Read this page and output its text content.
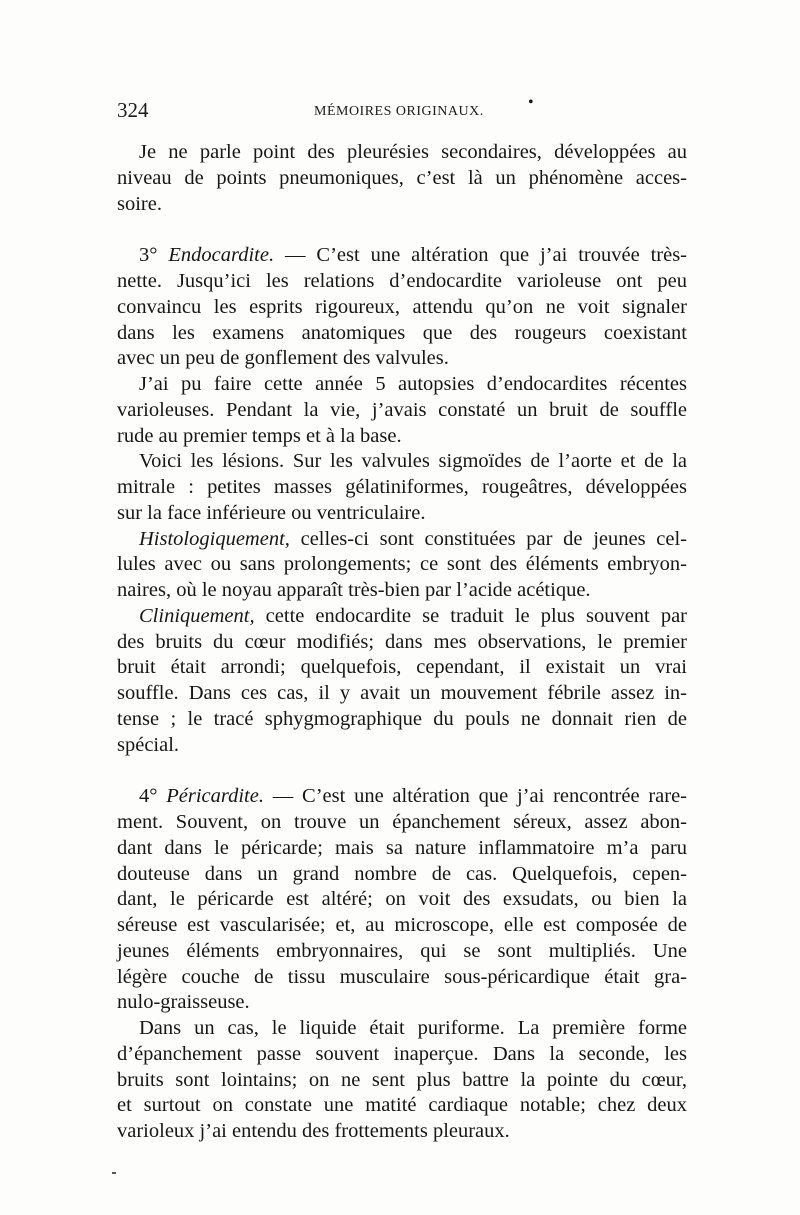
324	MÉMOIRES ORIGINAUX.
•
Je ne parle point des pleurésies secondaires, développées au
niveau de points pneumoniques, c’est là un phénomène acces-
soire.
3° Endocardite. — C’est une altération que j’ai trouvée très-
nette. Jusqu’ici les relations d’endocardite varioleuse ont peu
convaincu les esprits rigoureux, attendu qu’on ne voit signaler
dans les examens anatomiques que des rougeurs coexistant
avec un peu de gonflement des valvules.
J’ai pu faire cette année 5 autopsies d’endocardites récentes
varioleuses. Pendant la vie, j’avais constaté un bruit de souffle
rude au premier temps et à la base.
Voici les lésions. Sur les valvules sigmoïdes de l’aorte et de la
mitrale : petites masses gélatiniformes, rougeâtres, développées
sur la face inférieure ou ventriculaire.
Histologiquement, celles-ci sont constituées par de jeunes cel-
lules avec ou sans prolongements; ce sont des éléments embryon-
naires, où le noyau apparaît très-bien par l’acide acétique.
Cliniquement, cette endocardite se traduit le plus souvent par
des bruits du cœur modifiés; dans mes observations, le premier
bruit était arrondi; quelquefois, cependant, il existait un vrai
souffle. Dans ces cas, il y avait un mouvement fébrile assez in-
tense ; le tracé sphygmographique du pouls ne donnait rien de
spécial.
4° Péricardite. — C’est une altération que j’ai rencontrée rare-
ment. Souvent, on trouve un épanchement séreux, assez abon-
dant dans le péricarde; mais sa nature inflammatoire m’a paru
douteuse dans un grand nombre de cas. Quelquefois, cepen-
dant, le péricarde est altéré; on voit des exsudats, ou bien la
séreuse est vascularisée; et, au microscope, elle est composée de
jeunes éléments embryonnaires, qui se sont multipliés. Une
légère couche de tissu musculaire sous-péricardique était gra-
nulo-graisseuse.
Dans un cas, le liquide était puriforme. La première forme
d’épanchement passe souvent inaperçue. Dans la seconde, les
bruits sont lointains; on ne sent plus battre la pointe du cœur,
et surtout on constate une matité cardiaque notable; chez deux
varioleux j’ai entendu des frottements pleuraux.
